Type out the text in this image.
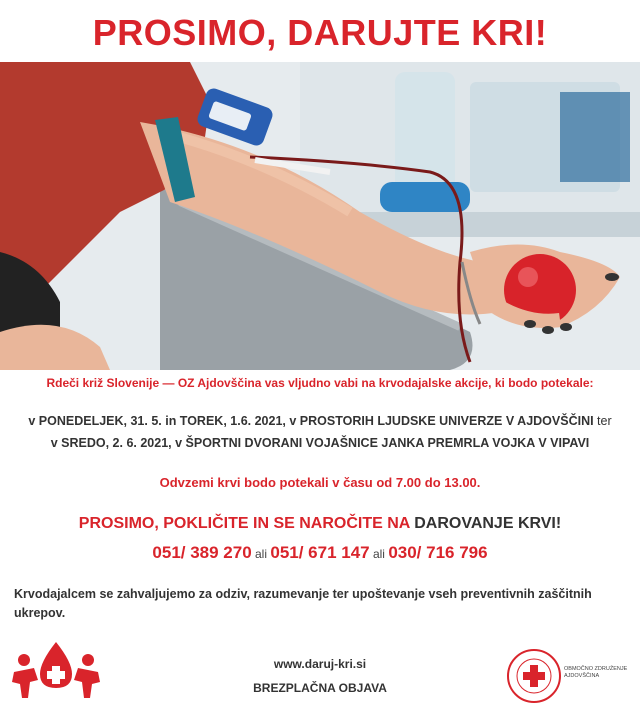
PROSIMO, DARUJTE KRI!
Rdeči križ Slovenije — OZ Ajdovščina vas vljudno vabi na krvodajalske akcije, ki bodo potekale:
v PONEDELJEK, 31. 5. in TOREK, 1.6. 2021, v PROSTORIH LJUDSKE UNIVERZE V AJDOVŠČINI ter
v SREDO, 2. 6. 2021, v ŠPORTNI DVORANI VOJAŠNICE JANKA PREMRLA VOJKA V VIPAVI
Odvzemi krvi bodo potekali v času od 7.00 do 13.00.
PROSIMO, POKLIČITE IN SE NAROČITE NA DAROVANJE KRVI!
051/ 389 270 ali 051/ 671 147 ali 030/ 716 796
Krvodajalcem se zahvaljujemo za odziv, razumevanje ter upoštevanje vseh preventivnih zaščitnih ukrepov.
www.daruj-kri.si
BREZPLAČNA OBJAVA
OBMOČNO ZDRUŽENJE AJDOVŠČINA
